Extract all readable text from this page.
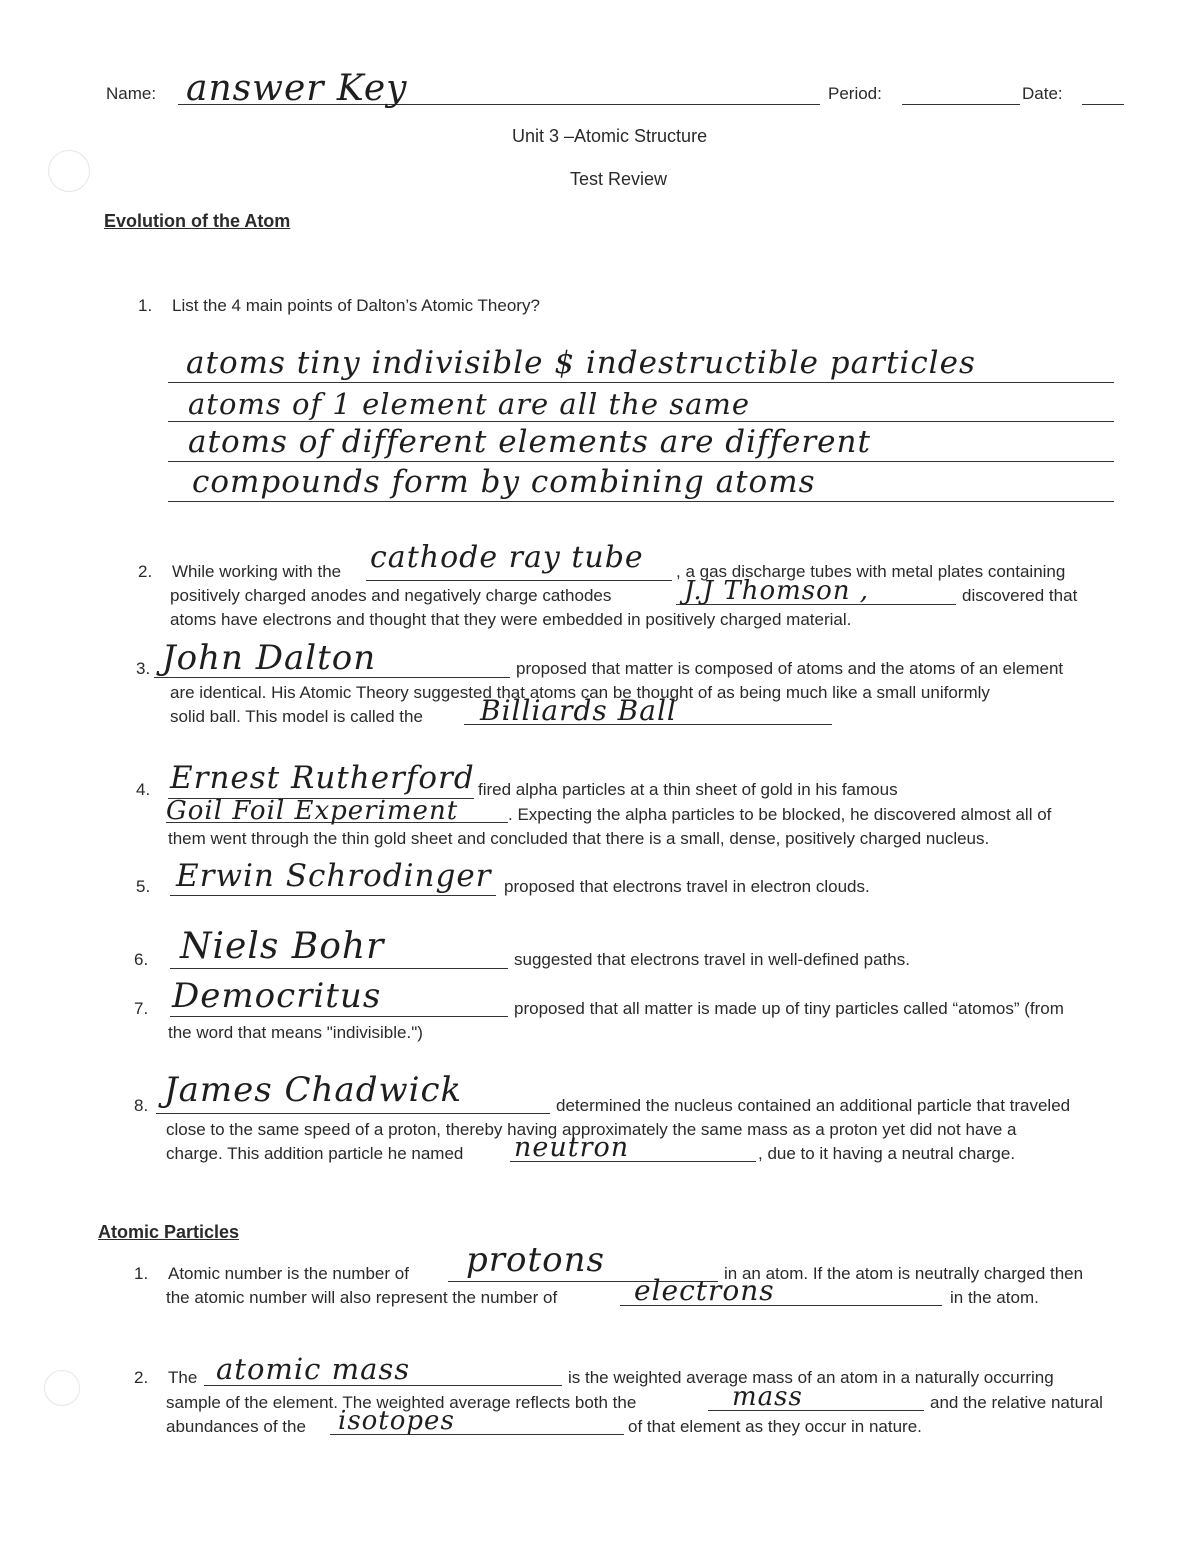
Name: answer Key	Period:	Date:
Unit 3 –Atomic Structure
Test Review
Evolution of the Atom
1. List the 4 main points of Dalton’s Atomic Theory?
atoms tiny indivisible $ indestructible particles
atoms of 1 element are all the same
atoms of different elements are different
compounds form by combining atoms
2. While working with the cathode ray tube , a gas discharge tubes with metal plates containing
positively charged anodes and negatively charge cathodes	J.J Thomson ,	discovered that
atoms have electrons and thought that they were embedded in positively charged material.
3. John Dalton	proposed that matter is composed of atoms and the atoms of an element
are identical. His Atomic Theory suggested that atoms can be thought of as being much like a small uniformly
solid ball. This model is called the Billiards Ball
4. Ernest Rutherford fired alpha particles at a thin sheet of gold in his famous
Goil Foil Experiment	. Expecting the alpha particles to be blocked, he discovered almost all of
them went through the thin gold sheet and concluded that there is a small, dense, positively charged nucleus.
5. Erwin Schrodinger proposed that electrons travel in electron clouds.
6. Niels Bohr	suggested that electrons travel in well-defined paths.
7. Democritus	proposed that all matter is made up of tiny particles called “atomos” (from
the word that means "indivisible.")
8. James Chadwick	determined the nucleus contained an additional particle that traveled
close to the same speed of a proton, thereby having approximately the same mass as a proton yet did not have a
charge. This addition particle he named neutron	, due to it having a neutral charge.
Atomic Particles
1. Atomic number is the number of protons	in an atom. If the atom is neutrally charged then
the atomic number will also represent the number of	electrons	in the atom.
2. The atomic mass	is the weighted average mass of an atom in a naturally occurring
sample of the element. The weighted average reflects both the	mass	and the relative natural
abundances of the isotopes	of that element as they occur in nature.
